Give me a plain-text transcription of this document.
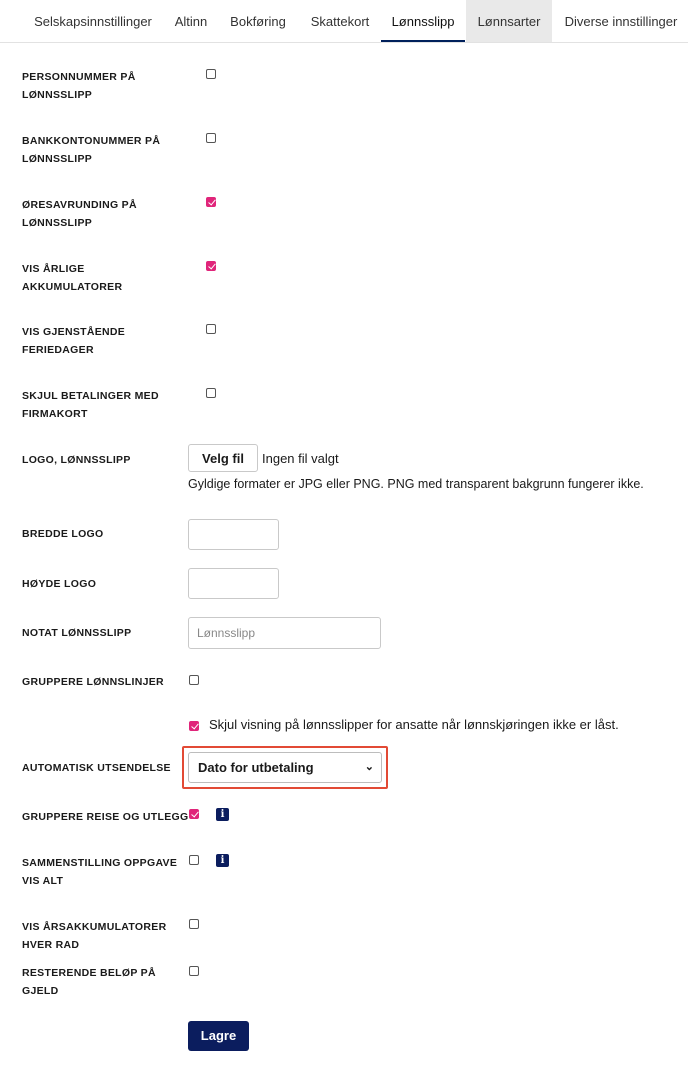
Selskapsinnstillinger	Altinn	Bokføring	Skattekort	Lønnsslipp	Lønnsarter	Diverse innstillinger
PERSONNUMMER PÅ
LØNNSSLIPP
BANKKONTONUMMER PÅ
LØNNSSLIPP
ØRESAVRUNDING PÅ
LØNNSSLIPP
VIS ÅRLIGE
AKKUMULATORER
VIS GJENSTÅENDE
FERIEDAGER
SKJUL BETALINGER MED
FIRMAKORT
LOGO, LØNNSSLIPP	Velg fil	Ingen fil valgt
Gyldige formater er JPG eller PNG. PNG med transparent bakgrunn fungerer ikke.
BREDDE LOGO
HØYDE LOGO
NOTAT LØNNSSLIPP	Lønnsslipp
GRUPPERE LØNNSLINJER
Skjul visning på lønnsslipper for ansatte når lønnskjøringen ikke er låst.
AUTOMATISK UTSENDELSE	Dato for utbetaling	⌄
GRUPPERE REISE OG UTLEGG	i
SAMMENSTILLING OPPGAVE
VIS ALT
i
VIS ÅRSAKKUMULATORER
HVER RAD
RESTERENDE BELØP PÅ
GJELD
Lagre
